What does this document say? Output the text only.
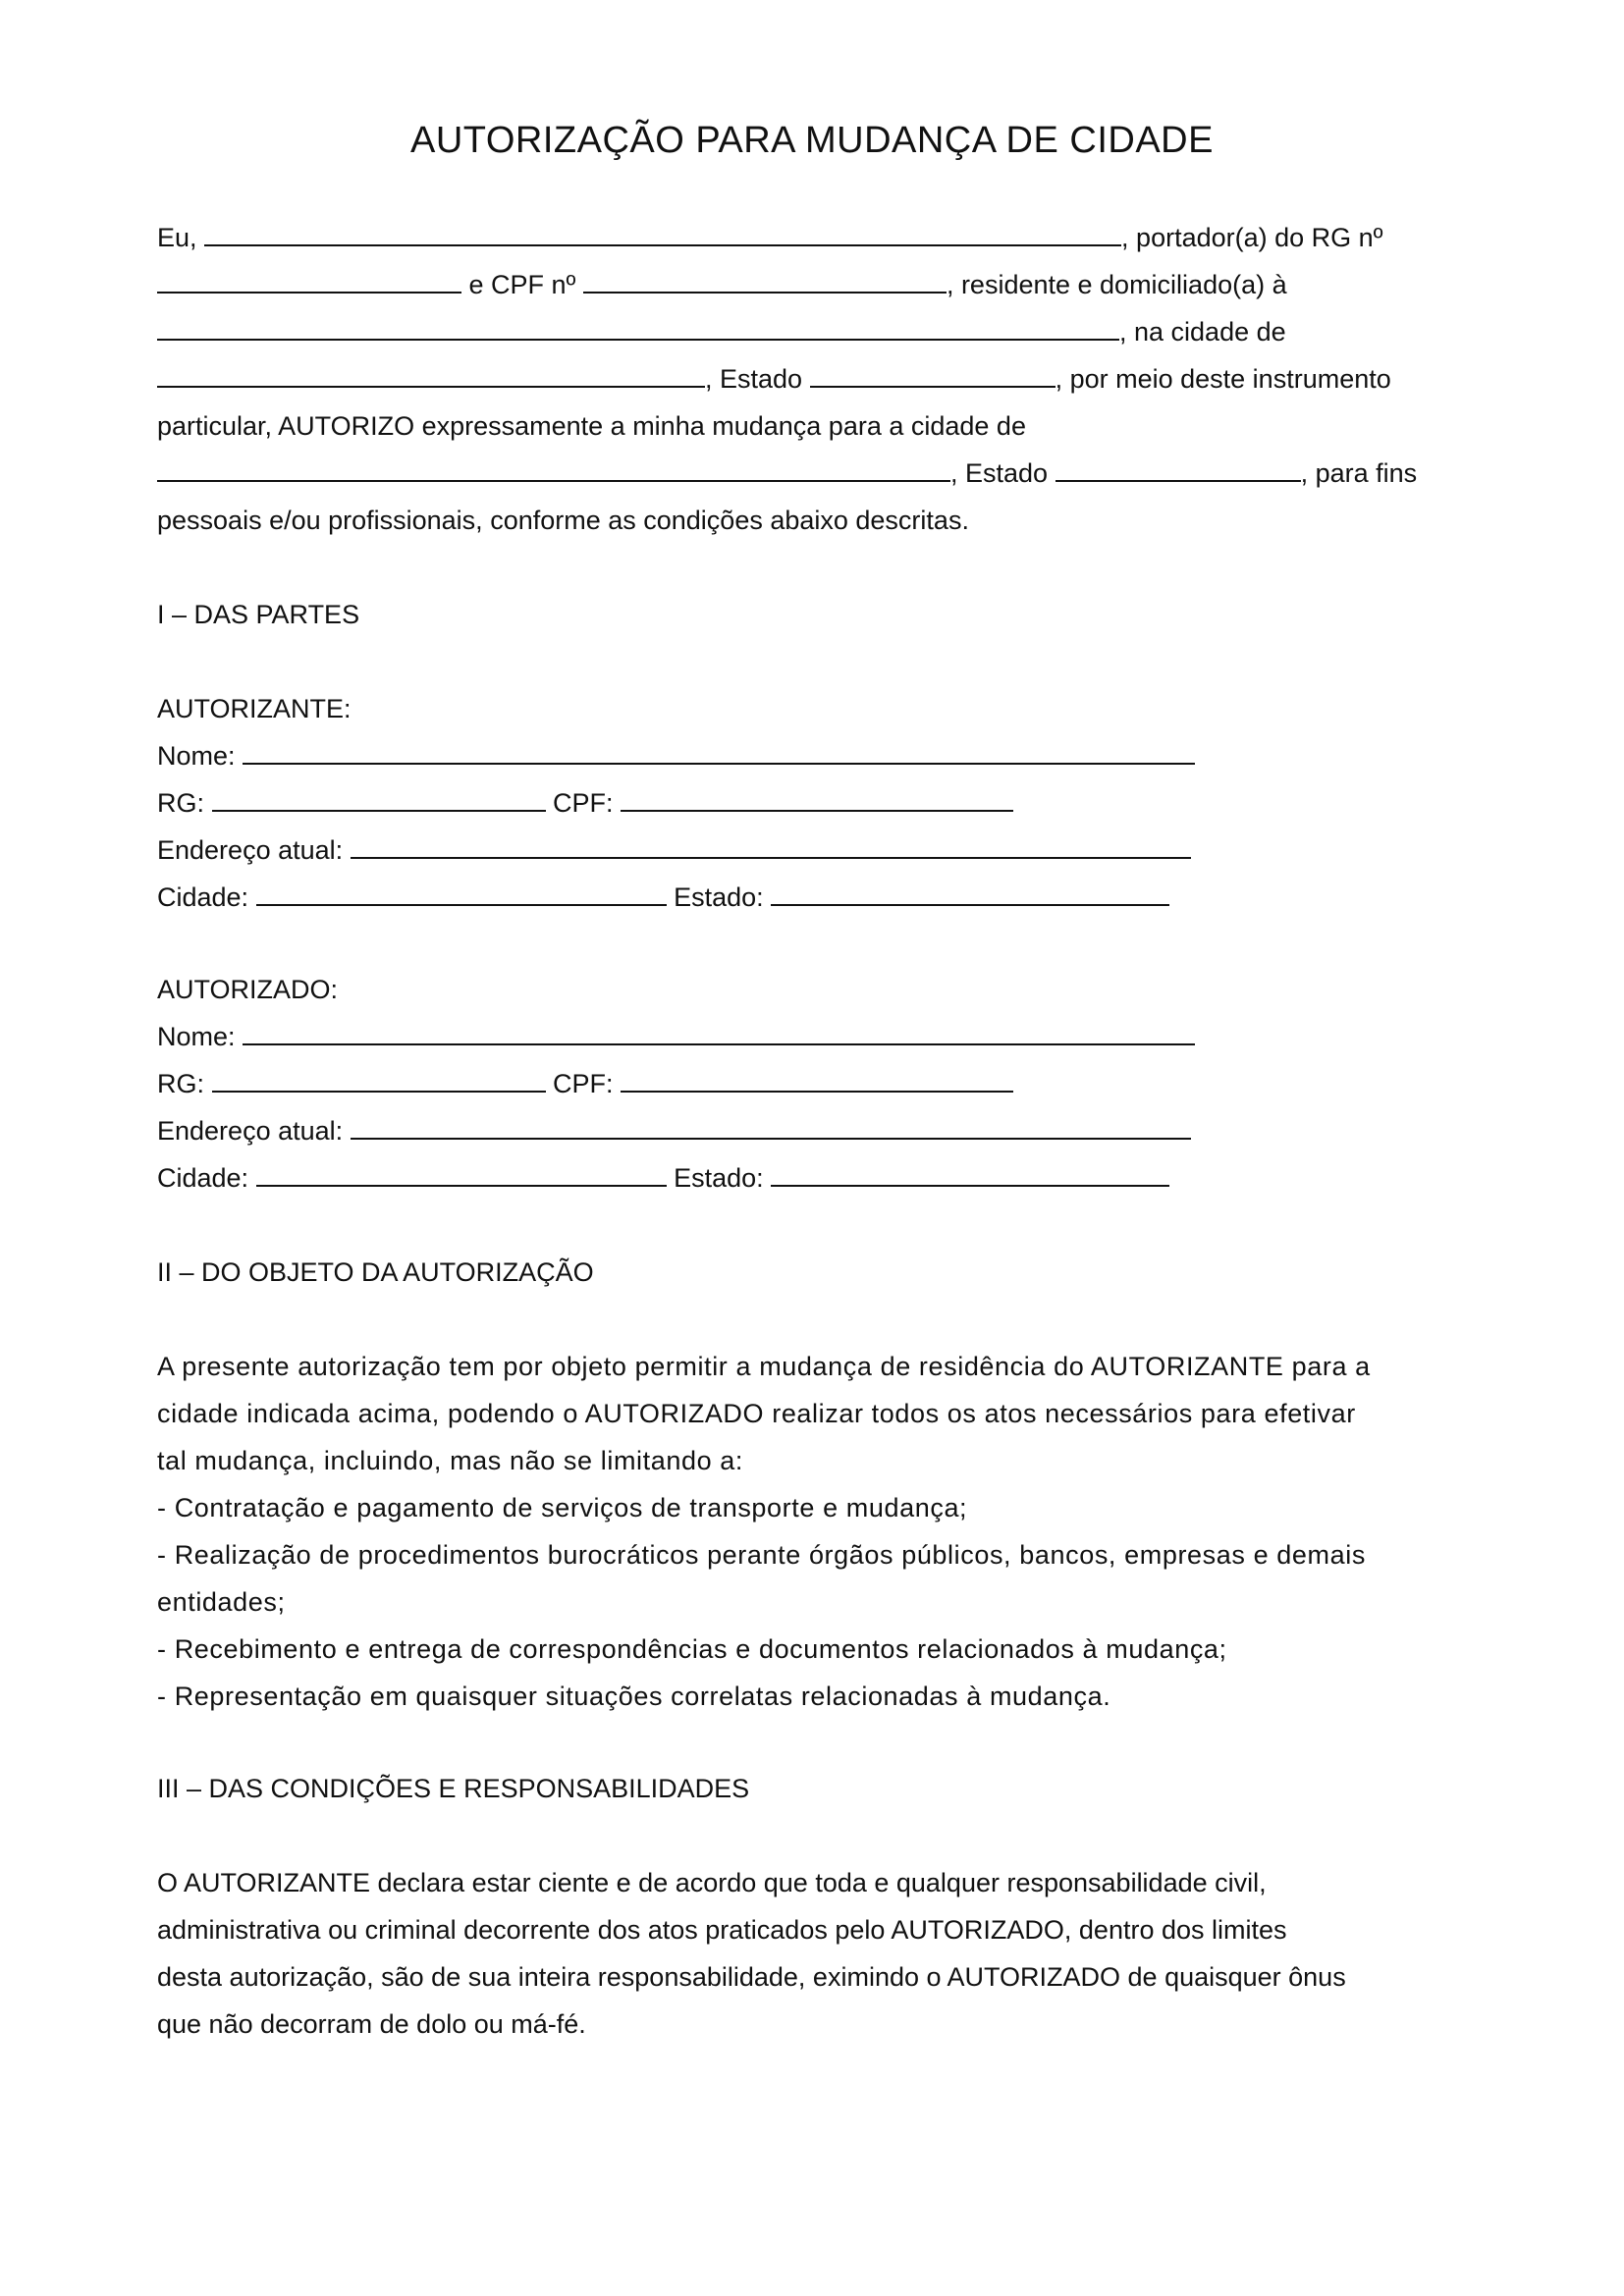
AUTORIZAÇÃO PARA MUDANÇA DE CIDADE
Eu,	, portador(a) do RG nº
e CPF nº	, residente e domiciliado(a) à
, na cidade de
, Estado	, por meio deste instrumento
particular, AUTORIZO expressamente a minha mudança para a cidade de
, Estado	, para fins
pessoais e/ou profissionais, conforme as condições abaixo descritas.
I – DAS PARTES
AUTORIZANTE:
Nome:
RG:	CPF:
Endereço atual:
Cidade:	Estado:
AUTORIZADO:
Nome:
RG:	CPF:
Endereço atual:
Cidade:	Estado:
II – DO OBJETO DA AUTORIZAÇÃO
A presente autorização tem por objeto permitir a mudança de residência do AUTORIZANTE para a
cidade indicada acima, podendo o AUTORIZADO realizar todos os atos necessários para efetivar
tal mudança, incluindo, mas não se limitando a:
- Contratação e pagamento de serviços de transporte e mudança;
- Realização de procedimentos burocráticos perante órgãos públicos, bancos, empresas e demais
entidades;
- Recebimento e entrega de correspondências e documentos relacionados à mudança;
- Representação em quaisquer situações correlatas relacionadas à mudança.
III – DAS CONDIÇÕES E RESPONSABILIDADES
O AUTORIZANTE declara estar ciente e de acordo que toda e qualquer responsabilidade civil,
administrativa ou criminal decorrente dos atos praticados pelo AUTORIZADO, dentro dos limites
desta autorização, são de sua inteira responsabilidade, eximindo o AUTORIZADO de quaisquer ônus
que não decorram de dolo ou má-fé.
